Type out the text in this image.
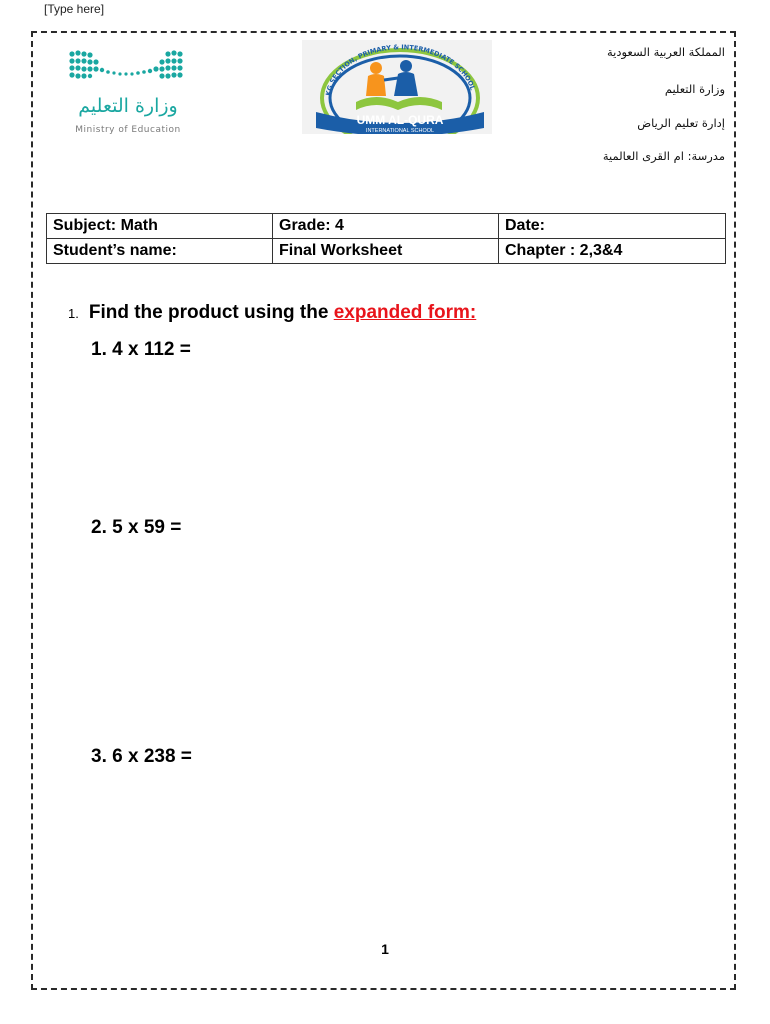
[Type here]
وزارة التعليم
Ministry of Education
KG SECTION, PRIMARY & INTERMEDIATE SCHOOL
UMM AL-QURA
INTERNATIONAL SCHOOL
المملكة العربية السعودية
وزارة التعليم
إدارة تعليم الرياض
مدرسة: ام القرى العالمية
Subject: Math	Grade: 4	Date:
Student’s name:	Final Worksheet	Chapter : 2,3&4
1. Find the product using the expanded form:
1. 4 x 112 =
2. 5 x 59 =
3. 6 x 238 =
1
